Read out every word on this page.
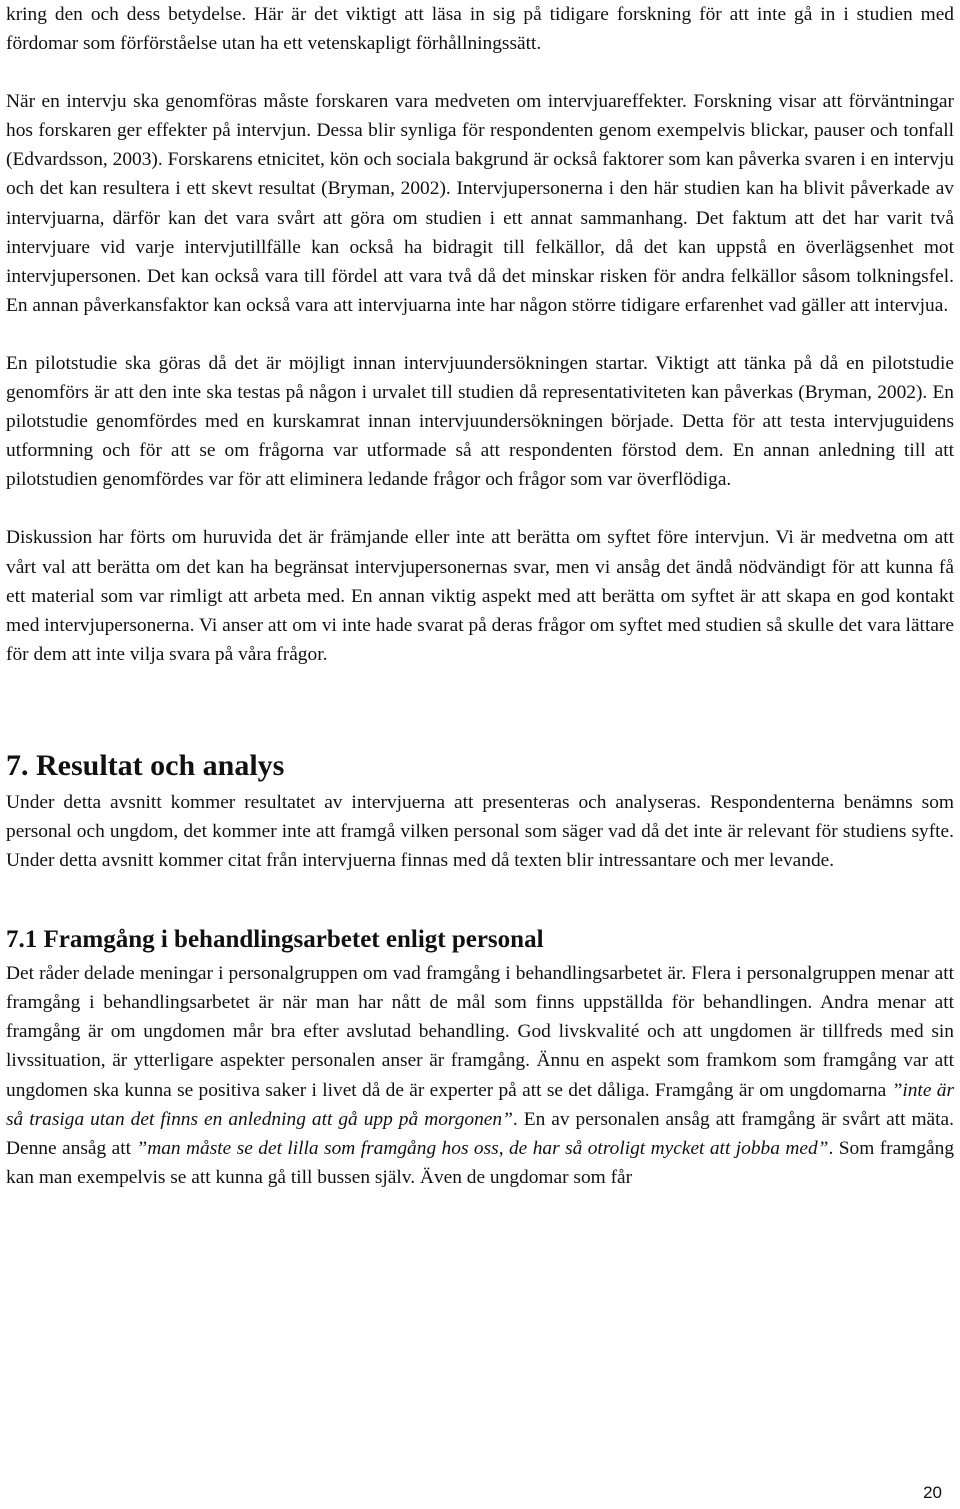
kring den och dess betydelse. Här är det viktigt att läsa in sig på tidigare forskning för att inte gå in i studien med fördomar som förförståelse utan ha ett vetenskapligt förhållningssätt.

När en intervju ska genomföras måste forskaren vara medveten om intervjuareffekter. Forskning visar att förväntningar hos forskaren ger effekter på intervjun. Dessa blir synliga för respondenten genom exempelvis blickar, pauser och tonfall (Edvardsson, 2003). Forskarens etnicitet, kön och sociala bakgrund är också faktorer som kan påverka svaren i en intervju och det kan resultera i ett skevt resultat (Bryman, 2002). Intervjupersonerna i den här studien kan ha blivit påverkade av intervjuarna, därför kan det vara svårt att göra om studien i ett annat sammanhang. Det faktum att det har varit två intervjuare vid varje intervjutillfälle kan också ha bidragit till felkällor, då det kan uppstå en överlägsenhet mot intervjupersonen. Det kan också vara till fördel att vara två då det minskar risken för andra felkällor såsom tolkningsfel. En annan påverkansfaktor kan också vara att intervjuarna inte har någon större tidigare erfarenhet vad gäller att intervjua.

En pilotstudie ska göras då det är möjligt innan intervjuundersökningen startar. Viktigt att tänka på då en pilotstudie genomförs är att den inte ska testas på någon i urvalet till studien då representativiteten kan påverkas (Bryman, 2002). En pilotstudie genomfördes med en kurskamrat innan intervjuundersökningen började. Detta för att testa intervjuguidens utformning och för att se om frågorna var utformade så att respondenten förstod dem. En annan anledning till att pilotstudien genomfördes var för att eliminera ledande frågor och frågor som var överflödiga.

Diskussion har förts om huruvida det är främjande eller inte att berätta om syftet före intervjun. Vi är medvetna om att vårt val att berätta om det kan ha begränsat intervjupersonernas svar, men vi ansåg det ändå nödvändigt för att kunna få ett material som var rimligt att arbeta med. En annan viktig aspekt med att berätta om syftet är att skapa en god kontakt med intervjupersonerna. Vi anser att om vi inte hade svarat på deras frågor om syftet med studien så skulle det vara lättare för dem att inte vilja svara på våra frågor.

7. Resultat och analys

Under detta avsnitt kommer resultatet av intervjuerna att presenteras och analyseras. Respondenterna benämns som personal och ungdom, det kommer inte att framgå vilken personal som säger vad då det inte är relevant för studiens syfte. Under detta avsnitt kommer citat från intervjuerna finnas med då texten blir intressantare och mer levande.

7.1 Framgång i behandlingsarbetet enligt personal

Det råder delade meningar i personalgruppen om vad framgång i behandlingsarbetet är. Flera i personalgruppen menar att framgång i behandlingsarbetet är när man har nått de mål som finns uppställda för behandlingen. Andra menar att framgång är om ungdomen mår bra efter avslutad behandling. God livskvalité och att ungdomen är tillfreds med sin livssituation, är ytterligare aspekter personalen anser är framgång. Ännu en aspekt som framkom som framgång var att ungdomen ska kunna se positiva saker i livet då de är experter på att se det dåliga. Framgång är om ungdomarna ”inte är så trasiga utan det finns en anledning att gå upp på morgonen”. En av personalen ansåg att framgång är svårt att mäta. Denne ansåg att ”man måste se det lilla som framgång hos oss, de har så otroligt mycket att jobba med”. Som framgång kan man exempelvis se att kunna gå till bussen själv. Även de ungdomar som får

20
